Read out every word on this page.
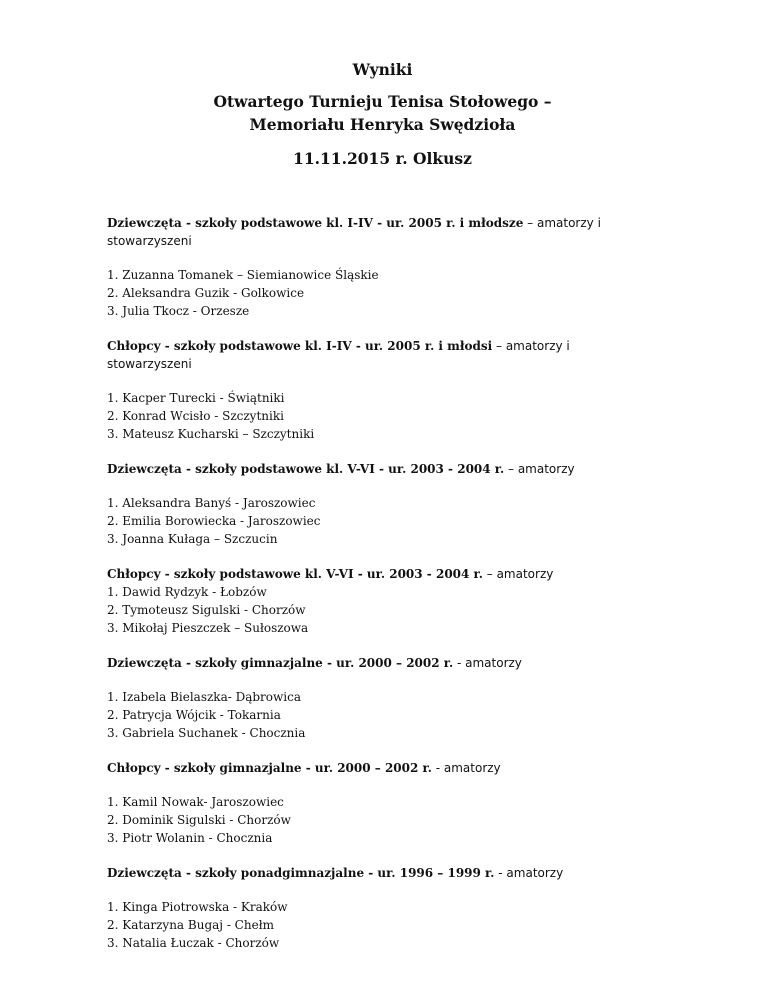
Wyniki
Otwartego Turnieju Tenisa Stołowego –
Memoriału Henryka Swędzioła
11.11.2015 r. Olkusz

Dziewczęta - szkoły podstawowe kl. I-IV - ur. 2005 r. i młodsze – amatorzy i stowarzyszeni

1. Zuzanna Tomanek – Siemianowice Śląskie

2. Aleksandra Guzik - Golkowice

3. Julia Tkocz - Orzesze

Chłopcy - szkoły podstawowe kl. I-IV - ur. 2005 r. i młodsi – amatorzy i stowarzyszeni

1. Kacper Turecki - Świątniki

2. Konrad Wcisło - Szczytniki

3. Mateusz Kucharski – Szczytniki

Dziewczęta - szkoły podstawowe kl. V-VI - ur. 2003 - 2004 r. – amatorzy

1. Aleksandra Banyś - Jaroszowiec

2. Emilia Borowiecka - Jaroszowiec

3. Joanna Kułaga – Szczucin

Chłopcy - szkoły podstawowe kl. V-VI - ur. 2003 - 2004 r. – amatorzy

1. Dawid Rydzyk - Łobzów

2. Tymoteusz Sigulski - Chorzów

3. Mikołaj Pieszczek – Sułoszowa

Dziewczęta - szkoły gimnazjalne - ur. 2000 – 2002 r. - amatorzy

1. Izabela Bielaszka- Dąbrowica

2. Patrycja Wójcik - Tokarnia

3. Gabriela Suchanek - Chocznia

Chłopcy - szkoły gimnazjalne - ur. 2000 – 2002 r. - amatorzy

1. Kamil Nowak- Jaroszowiec

2. Dominik Sigulski - Chorzów

3. Piotr Wolanin - Chocznia

Dziewczęta - szkoły ponadgimnazjalne - ur. 1996 – 1999 r. - amatorzy

1. Kinga Piotrowska - Kraków

2. Katarzyna Bugaj - Chełm

3. Natalia Łuczak - Chorzów
